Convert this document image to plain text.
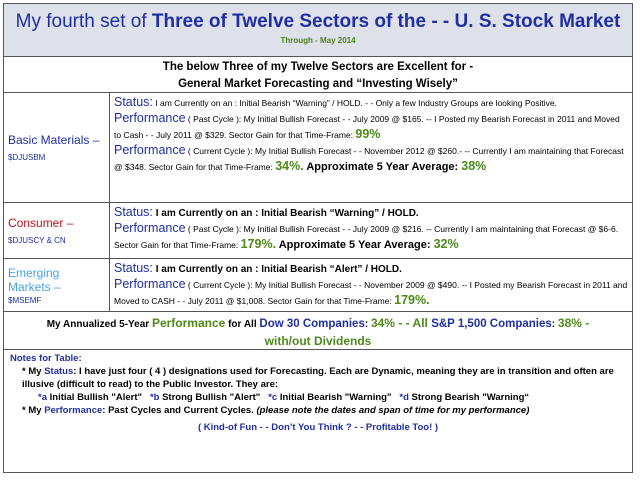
My fourth set of Three of Twelve Sectors of the - - U. S. Stock Market
Through - May 2014
The below Three of my Twelve Sectors are Excellent for -
General Market Forecasting and “Investing Wisely”
Basic Materials –
$DJUSBM
Status: I am Currently on an : Initial Bearish “Warning” / HOLD. - - Only a few Industry Groups are looking Positive.
Performance ( Past Cycle ): My Initial Bullish Forecast - - July 2009 @ $165. -- I Posted my Bearish Forecast in 2011 and Moved to Cash - - July 2011 @ $329. Sector Gain for that Time-Frame: 99%
Performance ( Current Cycle ): My Initial Bullish Forecast - - November 2012 @ $260.- -- Currently I am maintaining that Forecast @ $348. Sector Gain for that Time-Frame: 34%. Approximate 5 Year Average: 38%
Consumer –
$DJUSCY & CN
Status: I am Currently on an : Initial Bearish “Warning” / HOLD.
Performance ( Past Cycle ): My Initial Bullish Forecast - - July 2009 @ $216. -- Currently I am maintaining that Forecast @ $6-6. Sector Gain for that Time-Frame: 179%. Approximate 5 Year Average: 32%
Emerging Markets –
$MSEMF
Status: I am Currently on an : Initial Bearish “Alert” / HOLD.
Performance ( Current Cycle ): My Initial Bullish Forecast - - November 2009 @ $490. -- I Posted my Bearish Forecast in 2011 and Moved to CASH - - July 2011 @ $1,008. Sector Gain for that Time-Frame: 179%.
My Annualized 5-Year Performance for All Dow 30 Companies: 34% - - All S&P 1,500 Companies: 38% -
with/out Dividends
Notes for Table:
* My Status: I have just four ( 4 ) designations used for Forecasting. Each are Dynamic, meaning they are in transition and often are illusive (difficult to read) to the Public Investor. They are:
*a Initial Bullish "Alert" *b Strong Bullish "Alert" *c Initial Bearish "Warning" *d Strong Bearish "Warning“
* My Performance: Past Cycles and Current Cycles. (please note the dates and span of time for my performance)
( Kind-of Fun - - Don’t You Think ? - - Profitable Too! )
